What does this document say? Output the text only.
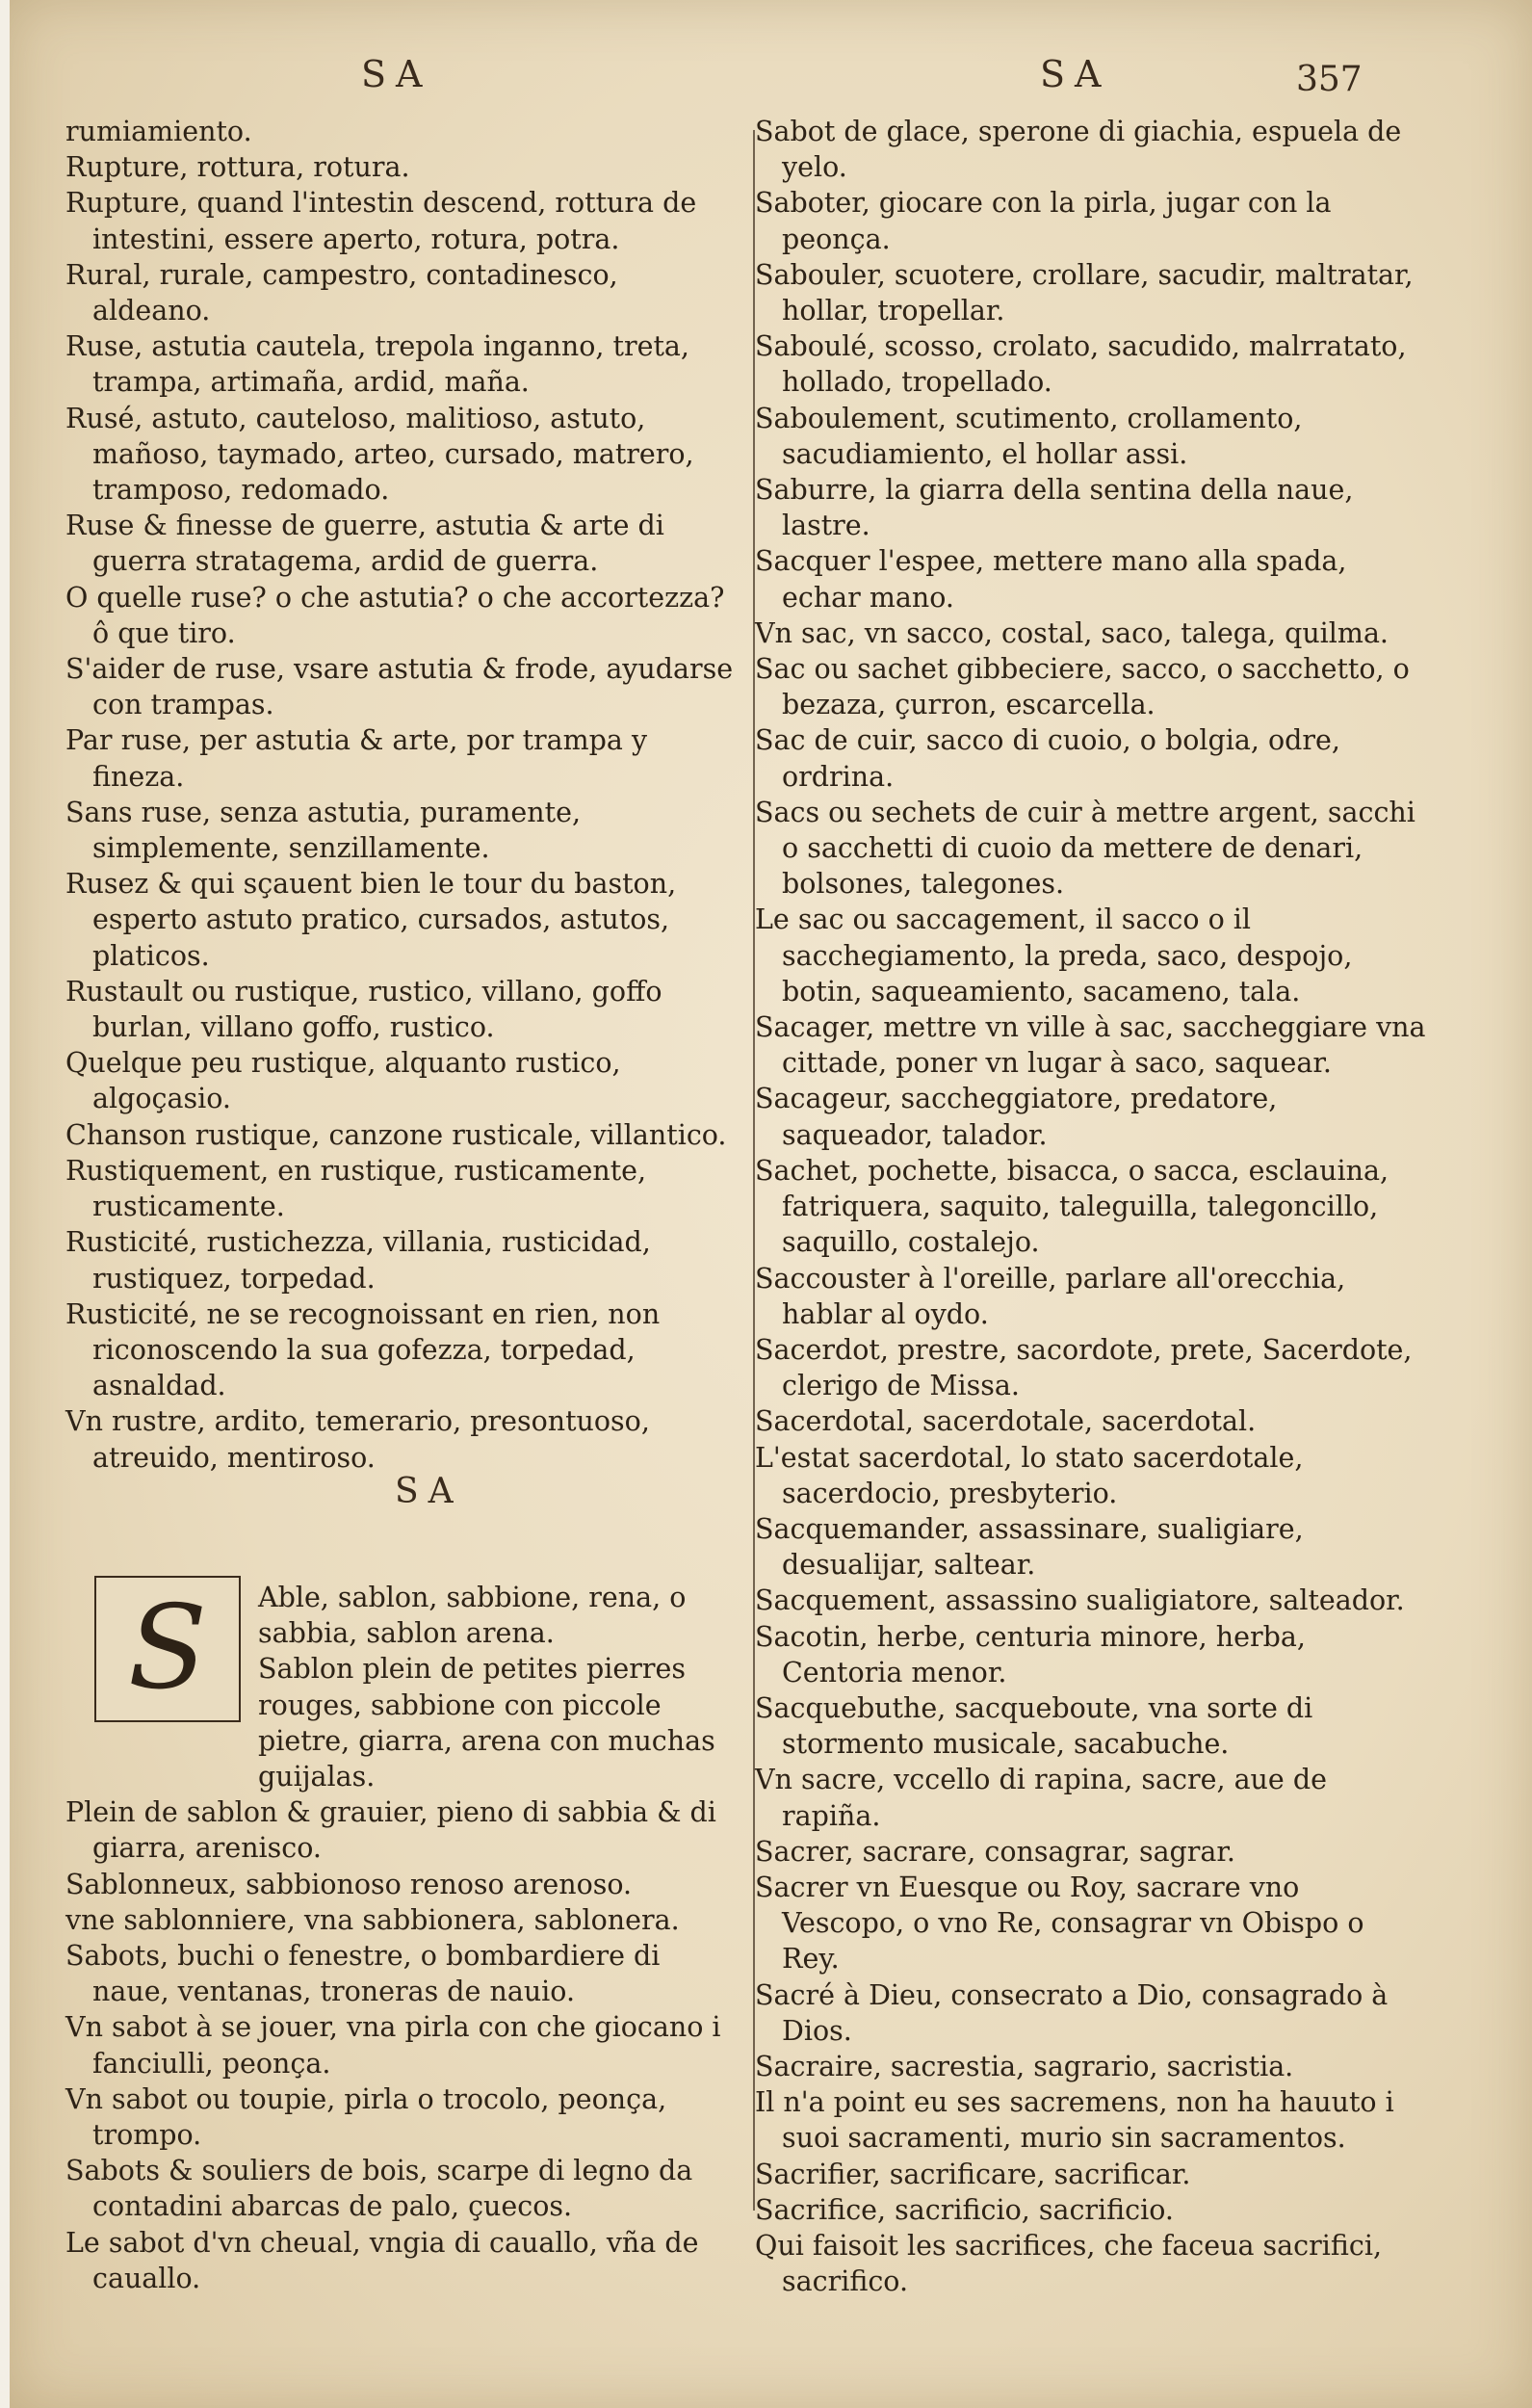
SA	SA	357

rumiamiento.

Rupture, rottura, rotura.

Rupture, quand l'intestin descend, rottura de intestini, essere aperto, rotura, potra.

Rural, rurale, campestro, contadinesco, aldeano.

Ruse, astutia cautela, trepola inganno, treta, trampa, artimaña, ardid, maña.

Rusé, astuto, cauteloso, malitioso, astuto, mañoso, taymado, arteo, cursado, matrero, tramposo, redomado.

Ruse & finesse de guerre, astutia & arte di guerra stratagema, ardid de guerra.

O quelle ruse? o che astutia? o che accortezza? ô que tiro.

S'aider de ruse, vsare astutia & frode, ayudarse con trampas.

Par ruse, per astutia & arte, por trampa y fineza.

Sans ruse, senza astutia, puramente, simplemente, senzillamente.

Rusez & qui sçauent bien le tour du baston, esperto astuto pratico, cursados, astutos, platicos.

Rustault ou rustique, rustico, villano, goffo burlan, villano goffo, rustico.

Quelque peu rustique, alquanto rustico, algoçasio.

Chanson rustique, canzone rusticale, villantico.

Rustiquement, en rustique, rusticamente, rusticamente.

Rusticité, rustichezza, villania, rusticidad, rustiquez, torpedad.

Rusticité, ne se recognoissant en rien, non riconoscendo la sua gofezza, torpedad, asnaldad.

Vn rustre, ardito, temerario, presontuoso, atreuido, mentiroso.

SA
S	Able, sablon, sabbione, rena, o sabbia, sablon arena.

Sablon plein de petites pierres rouges, sabbione con piccole pietre, giarra, arena con muchas guijalas.

Plein de sablon & grauier, pieno di sabbia & di giarra, arenisco.

Sablonneux, sabbionoso renoso arenoso.

vne sablonniere, vna sabbionera, sablonera.

Sabots, buchi o fenestre, o bombardiere di naue, ventanas, troneras de nauio.

Vn sabot à se jouer, vna pirla con che giocano i fanciulli, peonça.

Vn sabot ou toupie, pirla o trocolo, peonça, trompo.

Sabots & souliers de bois, scarpe di legno da contadini abarcas de palo, çuecos.

Le sabot d'vn cheual, vngia di cauallo, vña de cauallo.

Sabot de glace, sperone di giachia, espuela de yelo.

Saboter, giocare con la pirla, jugar con la peonça.

Sabouler, scuotere, crollare, sacudir, maltratar, hollar, tropellar.

Saboulé, scosso, crolato, sacudido, malrratato, hollado, tropellado.

Saboulement, scutimento, crollamento, sacudiamiento, el hollar assi.

Saburre, la giarra della sentina della naue, lastre.

Sacquer l'espee, mettere mano alla spada, echar mano.

Vn sac, vn sacco, costal, saco, talega, quilma.

Sac ou sachet gibbeciere, sacco, o sacchetto, o bezaza, çurron, escarcella.

Sac de cuir, sacco di cuoio, o bolgia, odre, ordrina.

Sacs ou sechets de cuir à mettre argent, sacchi o sacchetti di cuoio da mettere de denari, bolsones, talegones.

Le sac ou saccagement, il sacco o il sacchegiamento, la preda, saco, despojo, botin, saqueamiento, sacameno, tala.

Sacager, mettre vn ville à sac, saccheggiare vna cittade, poner vn lugar à saco, saquear.

Sacageur, saccheggiatore, predatore, saqueador, talador.

Sachet, pochette, bisacca, o sacca, esclauina, fatriquera, saquito, taleguilla, talegoncillo, saquillo, costalejo.

Saccouster à l'oreille, parlare all'orecchia, hablar al oydo.

Sacerdot, prestre, sacordote, prete, Sacerdote, clerigo de Missa.

Sacerdotal, sacerdotale, sacerdotal.

L'estat sacerdotal, lo stato sacerdotale, sacerdocio, presbyterio.

Sacquemander, assassinare, sualigiare, desualijar, saltear.

Sacquement, assassino sualigiatore, salteador.

Sacotin, herbe, centuria minore, herba, Centoria menor.

Sacquebuthe, sacqueboute, vna sorte di stormento musicale, sacabuche.

Vn sacre, vccello di rapina, sacre, aue de rapiña.

Sacrer, sacrare, consagrar, sagrar.

Sacrer vn Euesque ou Roy, sacrare vno Vescopo, o vno Re, consagrar vn Obispo o Rey.

Sacré à Dieu, consecrato a Dio, consagrado à Dios.

Sacraire, sacrestia, sagrario, sacristia.

Il n'a point eu ses sacremens, non ha hauuto i suoi sacramenti, murio sin sacramentos.

Sacrifier, sacrificare, sacrificar.

Sacrifice, sacrificio, sacrificio.

Qui faisoit les sacrifices, che faceua sacrifici, sacrifico.
